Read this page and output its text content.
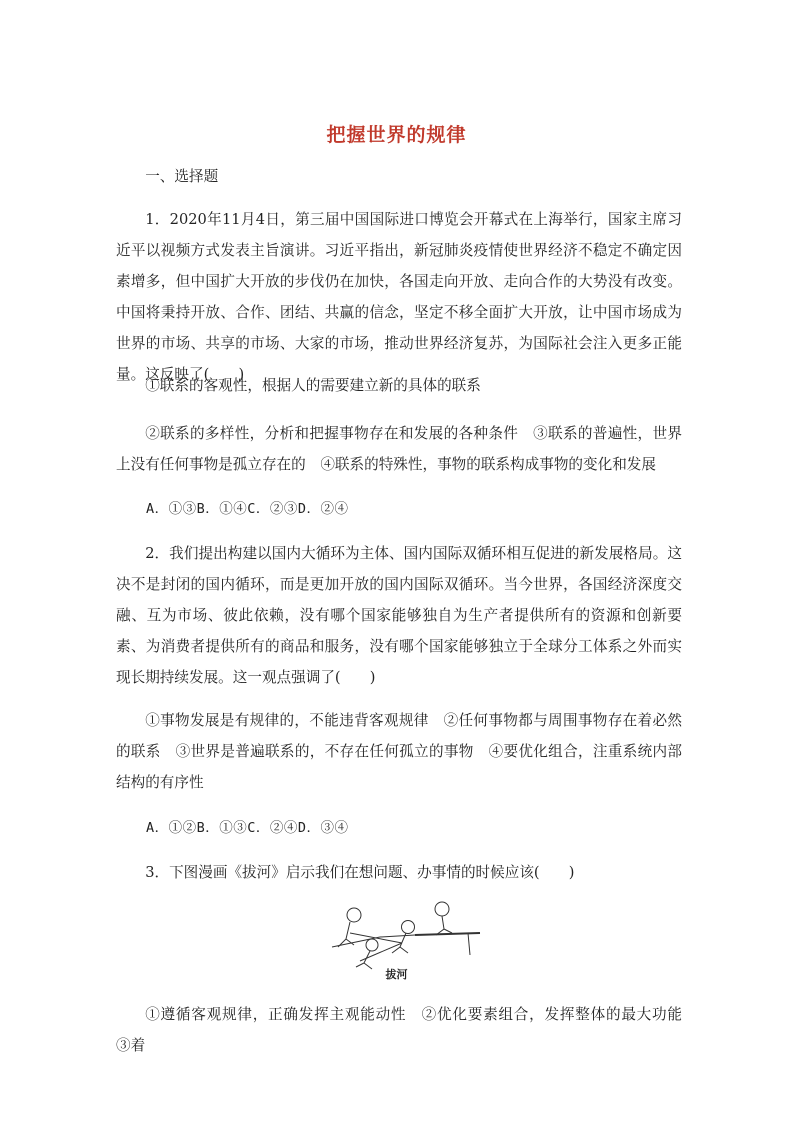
把握世界的规律
一、选择题
1．2020年11月4日，第三届中国国际进口博览会开幕式在上海举行，国家主席习近平以视频方式发表主旨演讲。习近平指出，新冠肺炎疫情使世界经济不稳定不确定因素增多，但中国扩大开放的步伐仍在加快，各国走向开放、走向合作的大势没有改变。中国将秉持开放、合作、团结、共赢的信念，坚定不移全面扩大开放，让中国市场成为世界的市场、共享的市场、大家的市场，推动世界经济复苏，为国际社会注入更多正能量。这反映了(　　)
①联系的客观性，根据人的需要建立新的具体的联系
②联系的多样性，分析和把握事物存在和发展的各种条件　③联系的普遍性，世界上没有任何事物是孤立存在的　④联系的特殊性，事物的联系构成事物的变化和发展
A．①③B．①④C．②③D．②④
2．我们提出构建以国内大循环为主体、国内国际双循环相互促进的新发展格局。这决不是封闭的国内循环，而是更加开放的国内国际双循环。当今世界，各国经济深度交融、互为市场、彼此依赖，没有哪个国家能够独自为生产者提供所有的资源和创新要素、为消费者提供所有的商品和服务，没有哪个国家能够独立于全球分工体系之外而实现长期持续发展。这一观点强调了(　　)
①事物发展是有规律的，不能违背客观规律　②任何事物都与周围事物存在着必然的联系　③世界是普遍联系的，不存在任何孤立的事物　④要优化组合，注重系统内部结构的有序性
A．①②B．①③C．②④D．③④
3．下图漫画《拔河》启示我们在想问题、办事情的时候应该(　　)
拔河
①遵循客观规律，正确发挥主观能动性　②优化要素组合，发挥整体的最大功能　③着
